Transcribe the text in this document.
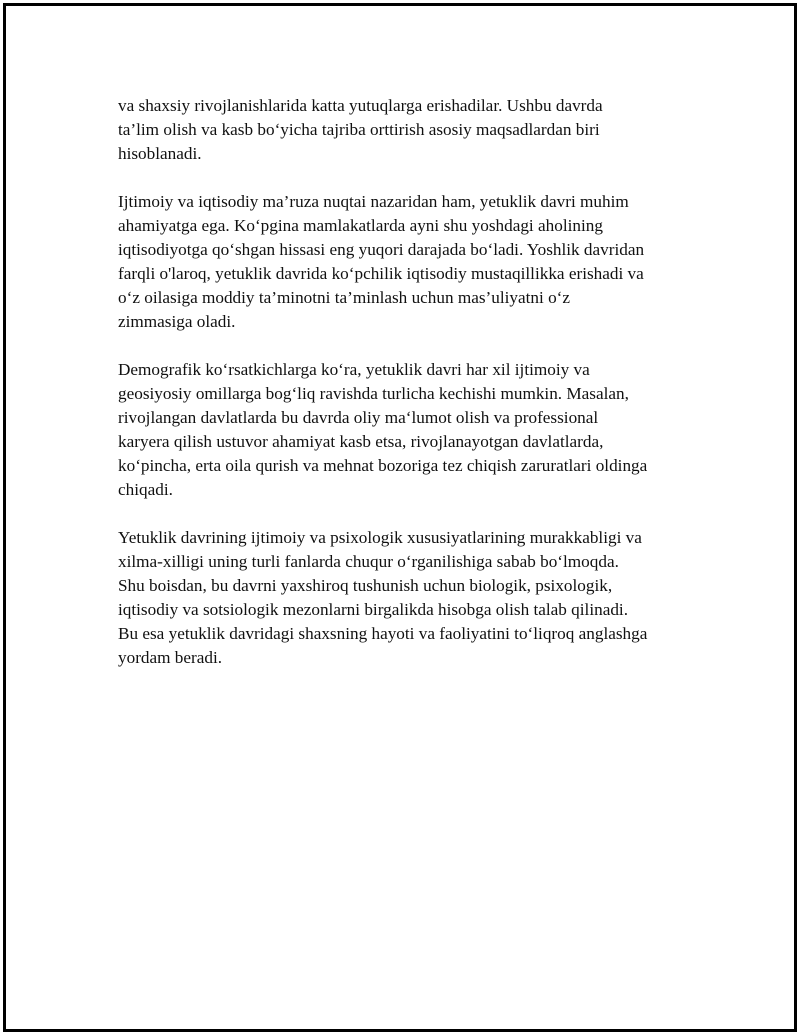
va shaxsiy rivojlanishlarida katta yutuqlarga erishadilar. Ushbu davrda
ta’lim olish va kasb bo‘yicha tajriba orttirish asosiy maqsadlardan biri
hisoblanadi.

Ijtimoiy va iqtisodiy ma’ruza nuqtai nazaridan ham, yetuklik davri muhim
ahamiyatga ega. Ko‘pgina mamlakatlarda ayni shu yoshdagi aholining
iqtisodiyotga qo‘shgan hissasi eng yuqori darajada bo‘ladi. Yoshlik davridan
farqli o'laroq, yetuklik davrida ko‘pchilik iqtisodiy mustaqillikka erishadi va
o‘z oilasiga moddiy ta’minotni ta’minlash uchun mas’uliyatni o‘z
zimmasiga oladi.

Demografik ko‘rsatkichlarga ko‘ra, yetuklik davri har xil ijtimoiy va
geosiyosiy omillarga bog‘liq ravishda turlicha kechishi mumkin. Masalan,
rivojlangan davlatlarda bu davrda oliy ma‘lumot olish va professional
karyera qilish ustuvor ahamiyat kasb etsa, rivojlanayotgan davlatlarda,
ko‘pincha, erta oila qurish va mehnat bozoriga tez chiqish zaruratlari oldinga
chiqadi.

Yetuklik davrining ijtimoiy va psixologik xususiyatlarining murakkabligi va
xilma-xilligi uning turli fanlarda chuqur o‘rganilishiga sabab bo‘lmoqda.
Shu boisdan, bu davrni yaxshiroq tushunish uchun biologik, psixologik,
iqtisodiy va sotsiologik mezonlarni birgalikda hisobga olish talab qilinadi.
Bu esa yetuklik davridagi shaxsning hayoti va faoliyatini to‘liqroq anglashga
yordam beradi.
